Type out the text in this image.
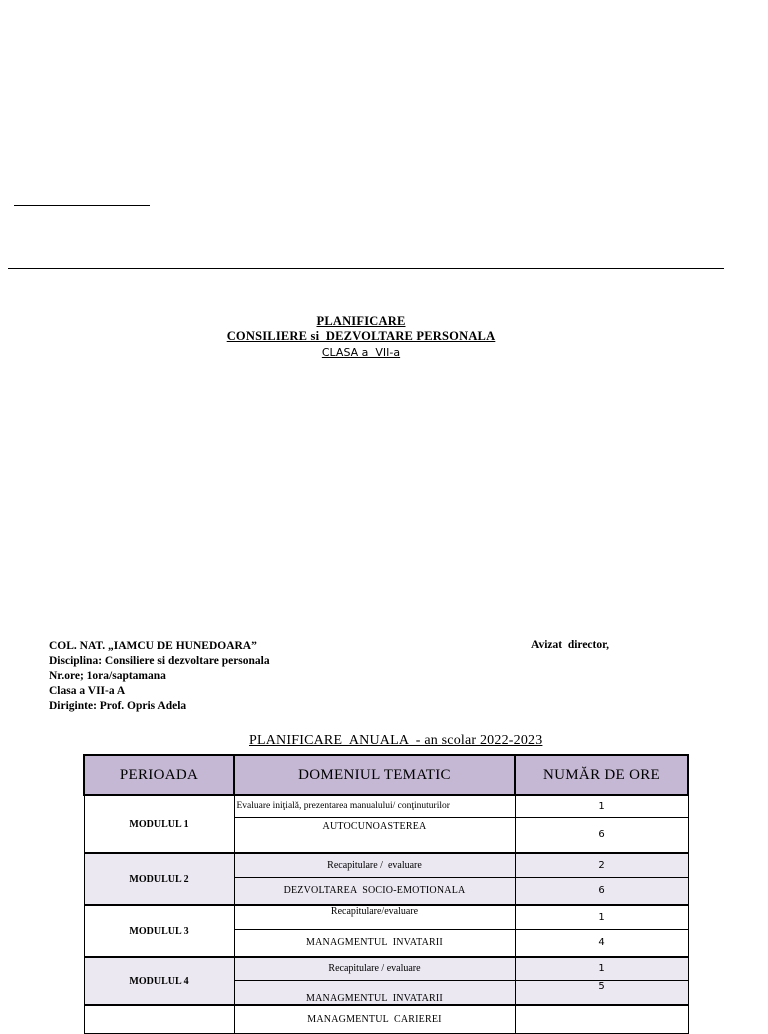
PLANIFICARE
CONSILIERE si  DEZVOLTARE PERSONALA
CLASA a  VII-a
COL. NAT. „IAMCU DE HUNEDOARA”
Disciplina: Consiliere si dezvoltare personala
Nr.ore; 1ora/saptamana
Clasa a VII-a A
Diriginte: Prof. Opris Adela
Avizat  director,
PLANIFICARE  ANUALA  - an scolar 2022-2023
PERIOADA	DOMENIUL TEMATIC	NUMĂR DE ORE
MODULUL 1	Evaluare iniţială, prezentarea manualului/ conţinuturilor	1
	AUTOCUNOASTEREA	6
MODULUL 2	Recapitulare /  evaluare	2
	DEZVOLTAREA  SOCIO-EMOTIONALA	6
MODULUL 3	Recapitulare/evaluare	1
	MANAGMENTUL  INVATARII	4
MODULUL 4	Recapitulare / evaluare	1
	MANAGMENTUL  INVATARII	5
	MANAGMENTUL  CARIEREI	
